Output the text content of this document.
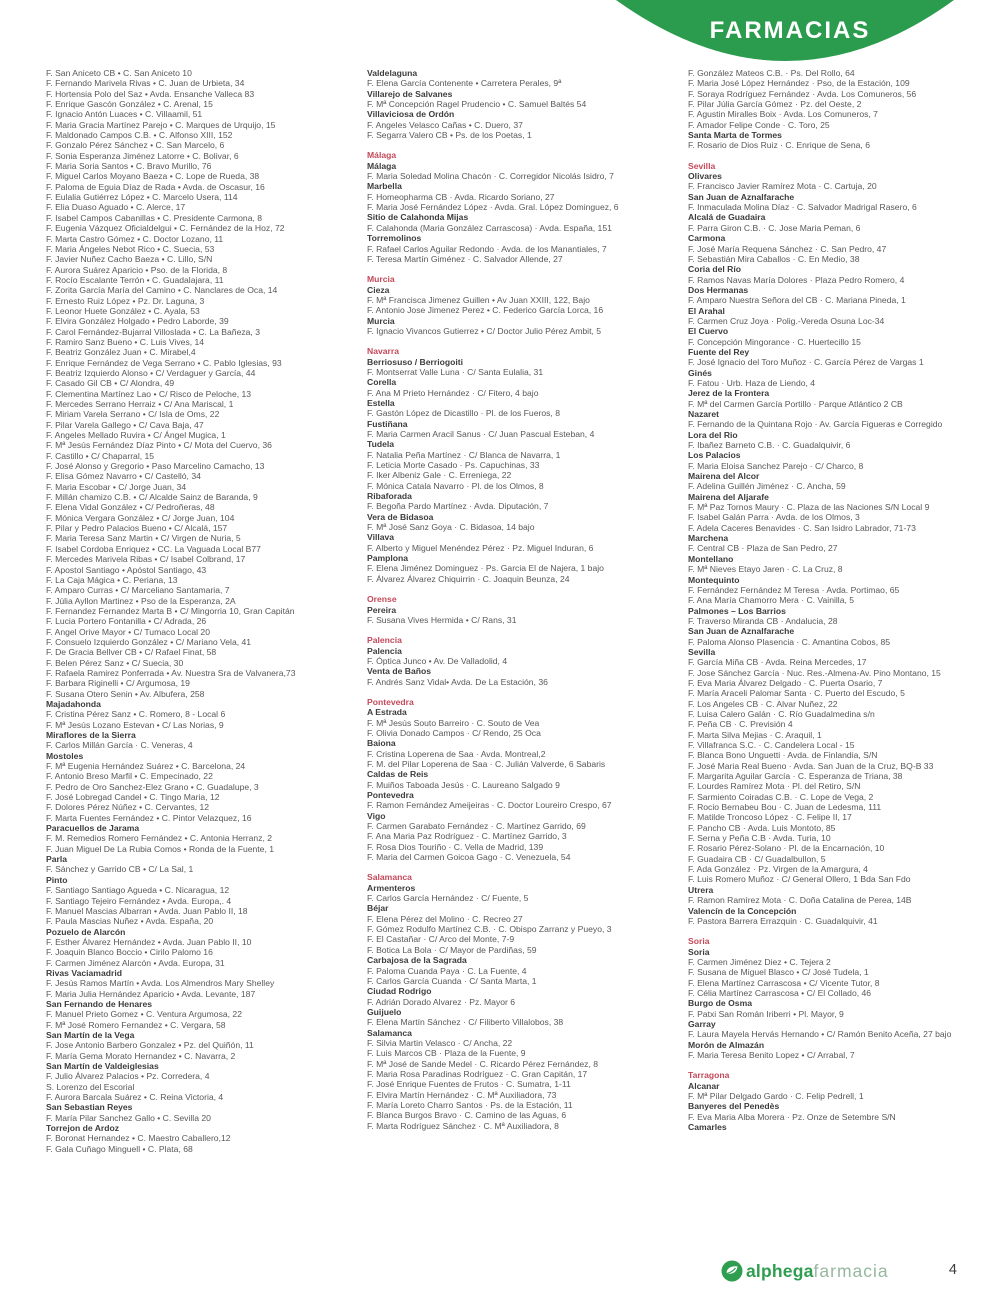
FARMACIAS
F. San Aniceto CB • C. San Aniceto 10
F. Fernando Marivela Rivas • C. Juan de Urbieta, 34
F. Hortensia Polo del Saz • Avda. Ensanche Valleca 83
F. Enrique Gascón González • C. Arenal, 15
F. Ignacio Antón Luaces • C. Villaamil, 51
F. Maria Gracia Martínez Parejo • C. Marques de Urquijo, 15
F. Maldonado Campos C.B. • C. Alfonso XIII, 152
F. Gonzalo Pérez Sánchez • C. San Marcelo, 6
F. Sonia Esperanza Jiménez Latorre • C. Bolivar, 6
F. Maria Soria Santos • C. Bravo Murillo, 76
F. Miguel Carlos Moyano Baeza • C. Lope de Rueda, 38
F. Paloma de Eguia Díaz de Rada • Avda. de Oscasur, 16
F. Eulalia Gutiérrez López • C. Marcelo Usera, 114
F. Elia Duaso Aguado • C. Alerce, 17
F. Isabel Campos Cabanillas • C. Presidente Carmona, 8
F. Eugenia Vázquez Oficialdelgui • C. Fernández de la Hoz, 72
F. Marta Castro Gómez • C. Doctor Lozano, 11
F. Maria Ángeles Nebot Rico • C. Suecia, 53
F. Javier Nuñez Cacho Baeza • C. Lillo, S/N
F. Aurora Suárez Aparicio • Pso. de la Florida, 8
F. Rocío Escalante Terrón • C. Guadalajara, 11
F. Zorita García María del Camino • C. Nanclares de Oca, 14
F. Ernesto Ruiz López • Pz. Dr. Laguna, 3
F. Leonor Huete González • C. Ayala, 53
F. Elvira González Holgado • Pedro Laborde, 39
F. Carol Fernández-Bujarral Villoslada • C. La Bañeza, 3
F. Ramiro Sanz Bueno • C. Luis Vives, 14
F. Beatriz González Juan • C. Mirabel,4
F. Enrique Fernández de Vega Serrano • C. Pablo Iglesias, 93
F. Beatriz Izquierdo Alonso • C/ Verdaguer y García, 44
F. Casado Gil CB • C/ Alondra, 49
F. Clementina Martínez Lao • C/ Risco de Peloche, 13
F. Mercedes Serrano Herraiz • C/ Ana Mariscal, 1
F. Miriam Varela Serrano • C/ Isla de Oms, 22
F. Pilar Varela Gallego • C/ Cava Baja, 47
F. Angeles Mellado Ruvira • C/ Ángel Mugica, 1
F. Mª Jesús Fernández Díaz Pinto • C/ Mota del Cuervo, 36
F. Castillo • C/ Chaparral, 15
F. José Alonso y Gregorio • Paso Marcelino Camacho, 13
F. Elisa Gómez Navarro • C/ Castelló, 34
F. Maria Escobar • C/ Jorge Juan, 34
F. Millán chamizo C.B. • C/ Alcalde Sainz de Baranda, 9
F. Elena Vidal González • C/ Pedroñeras, 48
F. Mónica Vergara González • C/ Jorge Juan, 104
F. Pilar y Pedro Palacios Bueno • C/ Alcalá, 157
F. Maria Teresa Sanz Martin • C/ Virgen de Nuria, 5
F. Isabel Cordoba Enriquez • CC. La Vaguada Local B77
F. Mercedes Marivela Ribas • C/ Isabel Colbrand, 17
F. Apostol Santiago • Apóstol Santiago, 43
F. La Caja Mágica • C. Periana, 13
F. Amparo Curras • C/ Marceliano Santamaria, 7
F. Júlia Ayllon Martinez • Pso de la Esperanza, 2A
F. Fernandez Fernandez Marta B • C/ Mingorria 10, Gran Capitán
F. Lucia Portero Fontanilla • C/ Adrada, 26
F. Angel Orive Mayor • C/ Tumaco Local 20
F. Consuelo Izquierdo González • C/ Mariano Vela, 41
F. De Gracia Bellver CB • C/ Rafael Finat, 58
F. Belen Pérez Sanz • C/ Suecia, 30
F. Rafaela Ramirez Ponferrada • Av. Nuestra Sra de Valvanera,73
F. Barbara Riginelli • C/ Argumosa, 19
F. Susana Otero Senin • Av. Albufera, 258
Majadahonda
F. Cristina Pérez Sanz • C. Romero, 8 - Local 6
F. Mª Jesús Lozano Estevan • C/ Las Norias, 9
Miraflores de la Sierra
F. Carlos Millán García · C. Veneras, 4
Mostoles
F. Mª Eugenia Hernández Suárez • C. Barcelona, 24
F. Antonio Breso Marfil • C. Empecinado, 22
F. Pedro de Oro Sanchez-Elez Grano • C. Guadalupe, 3
F. José Lobregad Candel • C. Tingo Maria, 12
F. Dolores Pérez Núñez • C. Cervantes, 12
F. Marta Fuentes Fernández • C. Pintor Velazquez, 16
Paracuellos de Jarama
F. M. Remedios Romero Fernández • C. Antonia Herranz, 2
F. Juan Miguel De La Rubia Comos • Ronda de la Fuente, 1
Parla
F. Sánchez y Garrido CB • C/ La Sal, 1
Pinto
F. Santiago Santiago Agueda • C. Nicaragua, 12
F. Santiago Tejeiro Fernández • Avda. Europa,. 4
F. Manuel Mascias Albarran • Avda. Juan Pablo II, 18
F. Paula Mascias Nuñez • Avda. España, 20
Pozuelo de Alarcón
F. Esther Álvarez Hernández • Avda. Juan Pablo II, 10
F. Joaquin Blanco Boccio • Cirilo Palomo 16
F. Carmen Jiménez Alarcón • Avda. Europa, 31
Rivas Vaciamadrid
F. Jesús Ramos Martín • Avda. Los Almendros Mary Shelley
F. Maria Julia Hernández Aparicio • Avda. Levante, 187
San Fernando de Henares
F. Manuel Prieto Gomez • C. Ventura Argumosa, 22
F. Mª José Romero Fernandez • C. Vergara, 58
San Martín de la Vega
F. Jose Antonio Barbero Gonzalez • Pz. del Quiñón, 11
F. María Gema Morato Hernandez • C. Navarra, 2
San Martín de Valdeiglesias
F. Julio Álvarez Palacios • Pz. Corredera, 4
S. Lorenzo del Escorial
F. Aurora Barcala Suárez • C. Reina Victoria, 4
San Sebastian Reyes
F. María Pilar Sanchez Gallo • C. Sevilla 20
Torrejon de Ardoz
F. Boronat Hernandez • C. Maestro Caballero,12
F. Gala Cuñago Minguell • C. Plata, 68
Valdelaguna
F. Elena García Contenente • Carretera Perales, 9ª
Villarejo de Salvanes
F. Mª Concepción Ragel Prudencio • C. Samuel Baltés 54
Villaviciosa de Ordón
F. Angeles Velasco Cañas • C. Duero, 37
F. Segarra Valero CB • Ps. de los Poetas, 1
Málaga
Málaga
F. Maria Soledad Molina Chacón · C. Corregidor Nicolás Isidro, 7
Marbella
F. Homeopharma CB · Avda. Ricardo Soriano, 27
F. Maria José Fernández López · Avda. Gral. López Dominguez, 6
Sitio de Calahonda Mijas
F. Calahonda (Maria González Carrascosa) · Avda. España, 151
Torremolinos
F. Rafael Carlos Aguilar Redondo · Avda. de los Manantiales, 7
F. Teresa Martín Giménez · C. Salvador Allende, 27
Murcia
Cieza
F. Mª Francisca Jimenez Guillen • Av Juan XXIII, 122, Bajo
F. Antonio Jose Jimenez Perez • C. Federico García Lorca, 16
Murcia
F. Ignacio Vivancos Gutierrez • C/ Doctor Julio Pérez Ambit, 5
Navarra
Berriosuso / Berriogoiti
F. Montserrat Valle Luna · C/ Santa Eulalia, 31
Corella
F. Ana M Prieto Hernández · C/ Fitero, 4 bajo
Estella
F. Gastón López de Dicastillo · Pl. de los Fueros, 8
Fustiñana
F. Maria Carmen Aracil Sanus · C/ Juan Pascual Esteban, 4
Tudela
F. Natalia Peña Martínez · C/ Blanca de Navarra, 1
F. Leticia Morte Casado · Ps. Capuchinas, 33
F. Iker Albeniz Gale · C. Erreniega, 22
F. Mónica Catala Navarro · Pl. de los Olmos, 8
Ribaforada
F. Begoña Pardo Martínez · Avda. Diputación, 7
Vera de Bidasoa
F. Mª José Sanz Goya · C. Bidasoa, 14 bajo
Villava
F. Alberto y Miguel Menéndez Pérez · Pz. Miguel Induran, 6
Pamplona
F. Elena Jiménez Dominguez · Ps. Garcia El de Najera, 1 bajo
F. Álvarez Álvarez Chiquirrin · C. Joaquin Beunza, 24
Orense
Pereira
F. Susana Vives Hermida • C/ Rans, 31
Palencia
Palencia
F. Óptica Junco • Av. De Valladolid, 4
Venta de Baños
F. Andrés Sanz Vidal• Avda. De La Estación, 36
Pontevedra
A Estrada
F. Mª Jesús Souto Barreiro · C. Souto de Vea
F. Olivia Donado Campos · C/ Rendo, 25 Oca
Baiona
F. Cristina Loperena de Saa · Avda. Montreal,2
F. M. del Pilar Loperena de Saa · C. Julián Valverde, 6 Sabaris
Caldas de Reis
F. Muiños Taboada Jesús · C. Laureano Salgado 9
Pontevedra
F. Ramon Fernández Ameijeiras · C. Doctor Loureiro Crespo, 67
Vigo
F. Carmen Garabato Fernández · C. Martínez Garrido, 69
F. Ana Maria Paz Rodríguez · C. Martínez Garrido, 3
F. Rosa Dios Touriño · C. Vella de Madrid, 139
F. Maria del Carmen Goicoa Gago · C. Venezuela, 54
Salamanca
Armenteros
F. Carlos García Hernández · C/ Fuente, 5
Béjar
F. Elena Pérez del Molino · C. Recreo 27
F. Gómez Rodulfo Martínez C.B. · C. Obispo Zarranz y Pueyo, 3
F. El Castañar · C/ Arco del Monte, 7-9
F. Botica La Bola · C/ Mayor de Pardiñas, 59
Carbajosa de la Sagrada
F. Paloma Cuanda Paya · C. La Fuente, 4
F. Carlos García Cuanda · C/ Santa Marta, 1
Ciudad Rodrigo
F. Adrián Dorado Alvarez · Pz. Mayor 6
Guijuelo
F. Elena Martín Sánchez · C/ Filiberto Villalobos, 38
Salamanca
F. Silvia Martin Velasco · C/ Ancha, 22
F. Luis Marcos CB · Plaza de la Fuente, 9
F. Mª José de Sande Medel · C. Ricardo Pérez Fernández, 8
F. Maria Rosa Paradinas Rodríguez · C. Gran Capitán, 17
F. José Enrique Fuentes de Frutos · C. Sumatra, 1-11
F. Elvira Martín Hernández · C. Mª Auxiliadora, 73
F. María Loreto Charro Santos · Ps. de la Estación, 11
F. Blanca Burgos Bravo · C. Camino de las Aguas, 6
F. Marta Rodríguez Sánchez · C. Mª Auxiliadora, 8
F. González Mateos C.B. · Ps. Del Rollo, 64
F. Maria José López Hernández · Pso, de la Estación, 109
F. Soraya Rodríguez Fernández · Avda. Los Comuneros, 56
F. Pilar Júlia García Gómez · Pz. del Oeste, 2
F. Agustin Miralles Boix · Avda. Los Comuneros, 7
F. Amador Felipe Conde · C. Toro, 25
Santa Marta de Tormes
F. Rosario de Dios Ruiz · C. Enrique de Sena, 6
Sevilla
Olivares
F. Francisco Javier Ramírez Mota · C. Cartuja, 20
San Juan de Aznalfarache
F. Inmaculada Molina Díaz · C. Salvador Madrigal Rasero, 6
Alcalá de Guadaira
F. Parra Giron C.B. · C. Jose Maria Peman, 6
Carmona
F. José María Requena Sánchez · C. San Pedro, 47
F. Sebastián Mira Caballos · C. En Medio, 38
Coria del Río
F. Ramos Navas María Dolores · Plaza Pedro Romero, 4
Dos Hermanas
F. Amparo Nuestra Señora del CB · C. Mariana Pineda, 1
El Arahal
F. Carmen Cruz Joya · Polig.-Vereda Osuna Loc-34
El Cuervo
F. Concepción Mingorance · C. Huertecillo 15
Fuente del Rey
F. José Ignacio del Toro Muñoz · C. García Pérez de Vargas 1
Ginés
F. Fatou · Urb. Haza de Liendo, 4
Jerez de la Frontera
F. Mª del Carmen García Portillo · Parque Atlántico 2 CB
Nazaret
F. Fernando de la Quintana Rojo · Av. García Figueras e Corregido
Lora del Rio
F. Ibañez Barneto C.B. · C. Guadalquivir, 6
Los Palacios
F. Maria Eloisa Sanchez Parejo · C/ Charco, 8
Mairena del Alcor
F. Adelina Guillén Jiménez · C. Ancha, 59
Mairena del Aljarafe
F. Mª Paz Tornos Maury · C. Plaza de las Naciones S/N Local 9
F. Isabel Galán Parra · Avda. de los Olmos, 3
F. Adela Caceres Benavides · C. San Isidro Labrador, 71-73
Marchena
F. Central CB · Plaza de San Pedro, 27
Montellano
F. Mª Nieves Etayo Jaren · C. La Cruz, 8
Montequinto
F. Fernández Fernández M Teresa · Avda. Portimao, 65
F. Ana María Chamorro Mera · C. Vainilla, 5
Palmones – Los Barrios
F. Traverso Miranda CB · Andalucia, 28
San Juan de Aznalfarache
F. Paloma Alonso Plasencia · C. Amantina Cobos, 85
Sevilla
F. García Miña CB · Avda. Reina Mercedes, 17
F. Jose Sánchez García · Nuc. Res.-Almena-Av. Pino Montano, 15
F. Eva Maria Álvarez Delgado · C. Puerta Osario, 7
F. María Araceli Palomar Santa · C. Puerto del Escudo, 5
F. Los Angeles CB · C. Alvar Nuñez, 22
F. Luisa Calero Galán · C. Río Guadalmedina s/n
F. Peña CB · C. Previsión 4
F. Marta Silva Mejias · C. Araquil, 1
F. Villafranca S.C. · C. Candelera Local - 15
F. Blanca Bono Unguetti · Avda. de Finlandia, S/N
F. José Maria Real Bueno · Avda. San Juan de la Cruz, BQ-B 33
F. Margarita Aguilar García · C. Esperanza de Triana, 38
F. Lourdes Ramírez Mota · Pl. del Retiro, S/N
F. Sarmiento Coiradas C.B. · C. Lope de Vega, 2
F. Rocio Bernabeu Bou · C. Juan de Ledesma, 111
F. Matilde Troncoso López · C. Felipe II, 17
F. Pancho CB · Avda. Luis Montoto, 85
F. Serna y Peña C.B · Avda. Turia, 10
F. Rosario Pérez-Solano · Pl. de la Encarnación, 10
F. Guadaira CB · C/ Guadalbullon, 5
F. Ada González · Pz. Virgen de la Amargura, 4
F. Luis Romero Muñoz · C/ General Ollero, 1 Bda San Fdo
Utrera
F. Ramon Ramírez Mota · C. Doña Catalina de Perea, 14B
Valencín de la Concepción
F. Pastora Barrera Errazquin · C. Guadalquivir, 41
Soria
Soria
F. Carmen Jiménez Diez • C. Tejera 2
F. Susana de Miguel Blasco • C/ José Tudela, 1
F. Elena Martínez Carrascosa • C/ Vicente Tutor, 8
F. Célia Martínez Carrascosa • C/ El Collado, 46
Burgo de Osma
F. Patxi San Román Iriberri • Pl. Mayor, 9
Garray
F. Laura Mayela Hervás Hernando • C/ Ramón Benito Aceña, 27 bajo
Morón de Almazán
F. Maria Teresa Benito Lopez • C/ Arrabal, 7
Tarragona
Alcanar
F. Mª Pilar Delgado Gardo · C. Felip Pedrell, 1
Banyeres del Penedès
F. Eva Maria Alba Morera · Pz. Onze de Setembre S/N
Camarles
alphega farmacia	4
